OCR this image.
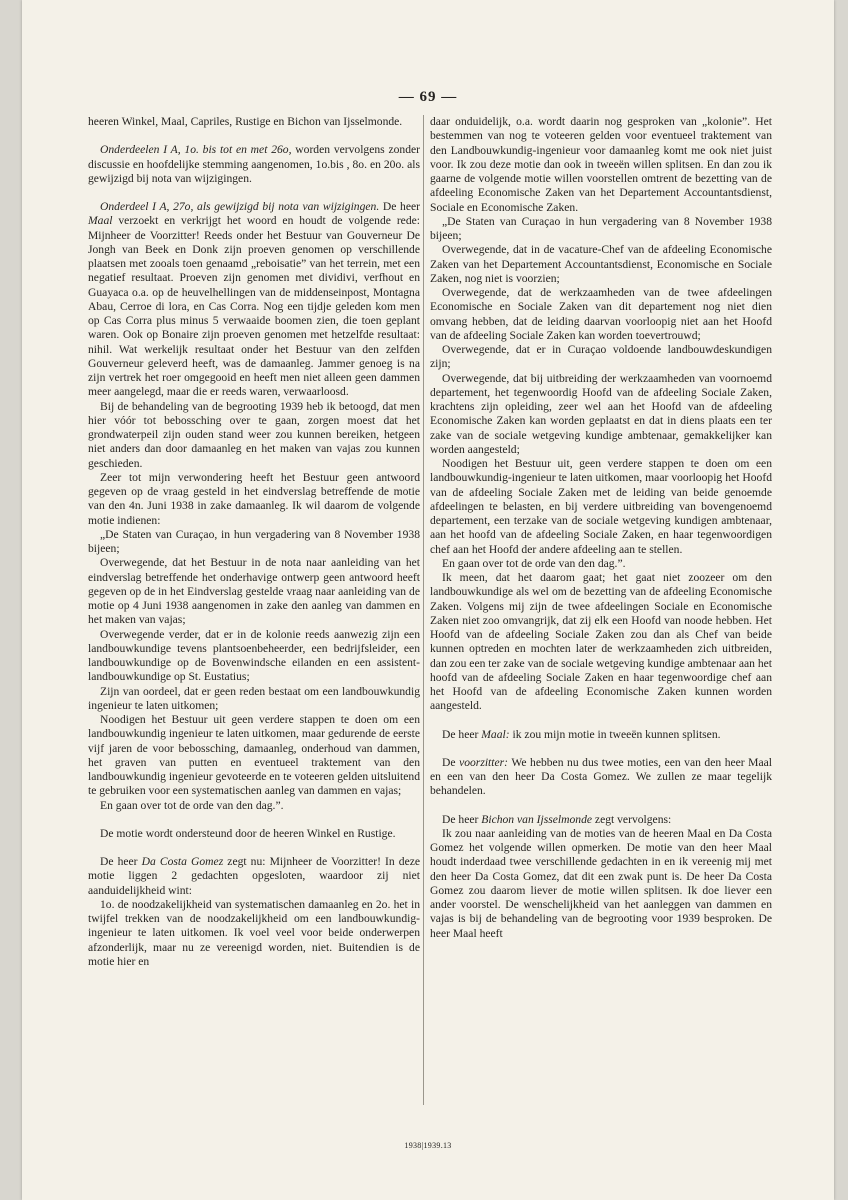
— 69 —

heeren Winkel, Maal, Capriles, Rustige en Bichon van Ijsselmonde.

Onderdeelen I A, 1o. bis tot en met 26o, worden vervolgens zonder discussie en hoofdelijke stemming aangenomen, 1o.bis , 8o. en 20o. als gewijzigd bij nota van wijzigingen.

Onderdeel I A, 27o, als gewijzigd bij nota van wijzigingen. De heer Maal verzoekt en verkrijgt het woord en houdt de volgende rede: Mijnheer de Voorzitter! Reeds onder het Bestuur van Gouverneur De Jongh van Beek en Donk zijn proeven genomen op verschillende plaatsen met zooals toen genaamd „reboisatie” van het terrein, met een negatief resultaat. Proeven zijn genomen met dividivi, verfhout en Guayaca o.a. op de heuvelhellingen van de middenseinpost, Montagna Abau, Cerroe di lora, en Cas Corra. Nog een tijdje geleden kom men op Cas Corra plus minus 5 verwaaide boomen zien, die toen geplant waren. Ook op Bonaire zijn proeven genomen met hetzelfde resultaat: nihil. Wat werkelijk resultaat onder het Bestuur van den zelfden Gouverneur geleverd heeft, was de damaanleg. Jammer genoeg is na zijn vertrek het roer omgegooid en heeft men niet alleen geen dammen meer aangelegd, maar die er reeds waren, verwaarloosd.

Bij de behandeling van de begrooting 1939 heb ik betoogd, dat men hier vóór tot bebossching over te gaan, zorgen moest dat het grondwaterpeil zijn ouden stand weer zou kunnen bereiken, hetgeen niet anders dan door damaanleg en het maken van vajas zou kunnen geschieden.

Zeer tot mijn verwondering heeft het Bestuur geen antwoord gegeven op de vraag gesteld in het eindverslag betreffende de motie van den 4n. Juni 1938 in zake damaanleg. Ik wil daarom de volgende motie indienen:

„De Staten van Curaçao, in hun vergadering van 8 November 1938 bijeen;

Overwegende, dat het Bestuur in de nota naar aanleiding van het eindverslag betreffende het onderhavige ontwerp geen antwoord heeft gegeven op de in het Eindverslag gestelde vraag naar aanleiding van de motie op 4 Juni 1938 aangenomen in zake den aanleg van dammen en het maken van vajas;

Overwegende verder, dat er in de kolonie reeds aanwezig zijn een landbouwkundige tevens plantsoenbeheerder, een bedrijfsleider, een landbouwkundige op de Bovenwindsche eilanden en een assistent-landbouwkundige op St. Eustatius;

Zijn van oordeel, dat er geen reden bestaat om een landbouwkundig ingenieur te laten uitkomen;

Noodigen het Bestuur uit geen verdere stappen te doen om een landbouwkundig ingenieur te laten uitkomen, maar gedurende de eerste vijf jaren de voor bebossching, damaanleg, onderhoud van dammen, het graven van putten en eventueel traktement van den landbouwkundig ingenieur gevoteerde en te voteeren gelden uitsluitend te gebruiken voor een systematischen aanleg van dammen en vajas;

En gaan over tot de orde van den dag.”.

De motie wordt ondersteund door de heeren Winkel en Rustige.

De heer Da Costa Gomez zegt nu: Mijnheer de Voorzitter! In deze motie liggen 2 gedachten opgesloten, waardoor zij niet aanduidelijkheid wint:

1o. de noodzakelijkheid van systematischen damaanleg en 2o. het in twijfel trekken van de noodzakelijkheid om een landbouwkundig-ingenieur te laten uitkomen. Ik voel veel voor beide onderwerpen afzonderlijk, maar nu ze vereenigd worden, niet. Buitendien is de motie hier en

daar onduidelijk, o.a. wordt daarin nog gesproken van „kolonie”. Het bestemmen van nog te voteeren gelden voor eventueel traktement van den Landbouwkundig-ingenieur voor damaanleg komt me ook niet juist voor. Ik zou deze motie dan ook in tweeën willen splitsen. En dan zou ik gaarne de volgende motie willen voorstellen omtrent de bezetting van de afdeeling Economische Zaken van het Departement Accountantsdienst, Sociale en Economische Zaken.

„De Staten van Curaçao in hun vergadering van 8 November 1938 bijeen;

Overwegende, dat in de vacature-Chef van de afdeeling Economische Zaken van het Departement Accountantsdienst, Economische en Sociale Zaken, nog niet is voorzien;

Overwegende, dat de werkzaamheden van de twee afdeelingen Economische en Sociale Zaken van dit departement nog niet dien omvang hebben, dat de leiding daarvan voorloopig niet aan het Hoofd van de afdeeling Sociale Zaken kan worden toevertrouwd;

Overwegende, dat er in Curaçao voldoende landbouwdeskundigen zijn;

Overwegende, dat bij uitbreiding der werkzaamheden van voornoemd departement, het tegenwoordig Hoofd van de afdeeling Sociale Zaken, krachtens zijn opleiding, zeer wel aan het Hoofd van de afdeeling Economische Zaken kan worden geplaatst en dat in diens plaats een ter zake van de sociale wetgeving kundige ambtenaar, gemakkelijker kan worden aangesteld;

Noodigen het Bestuur uit, geen verdere stappen te doen om een landbouwkundig-ingenieur te laten uitkomen, maar voorloopig het Hoofd van de afdeeling Sociale Zaken met de leiding van beide genoemde afdeelingen te belasten, en bij verdere uitbreiding van bovengenoemd departement, een terzake van de sociale wetgeving kundigen ambtenaar, aan het hoofd van de afdeeling Sociale Zaken, en haar tegenwoordigen chef aan het Hoofd der andere afdeeling aan te stellen.

En gaan over tot de orde van den dag.”.

Ik meen, dat het daarom gaat; het gaat niet zoozeer om den landbouwkundige als wel om de bezetting van de afdeeling Economische Zaken. Volgens mij zijn de twee afdeelingen Sociale en Economische Zaken niet zoo omvangrijk, dat zij elk een Hoofd van noode hebben. Het Hoofd van de afdeeling Sociale Zaken zou dan als Chef van beide kunnen optreden en mochten later de werkzaamheden zich uitbreiden, dan zou een ter zake van de sociale wetgeving kundige ambtenaar aan het hoofd van de afdeeling Sociale Zaken en haar tegenwoordige chef aan het Hoofd van de afdeeling Economische Zaken kunnen worden aangesteld.

De heer Maal: ik zou mijn motie in tweeën kunnen splitsen.

De voorzitter: We hebben nu dus twee moties, een van den heer Maal en een van den heer Da Costa Gomez. We zullen ze maar tegelijk behandelen.

De heer Bichon van Ijsselmonde zegt vervolgens:

Ik zou naar aanleiding van de moties van de heeren Maal en Da Costa Gomez het volgende willen opmerken. De motie van den heer Maal houdt inderdaad twee verschillende gedachten in en ik vereenig mij met den heer Da Costa Gomez, dat dit een zwak punt is. De heer Da Costa Gomez zou daarom liever de motie willen splitsen. Ik doe liever een ander voorstel. De wenschelijkheid van het aanleggen van dammen en vajas is bij de behandeling van de begrooting voor 1939 besproken. De heer Maal heeft

1938|1939.13
